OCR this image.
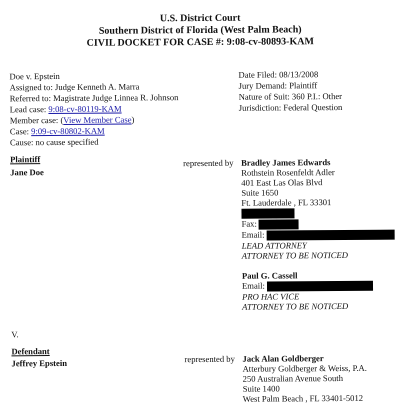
U.S. District Court
Southern District of Florida (West Palm Beach)
CIVIL DOCKET FOR CASE #: 9:08-cv-80893-KAM
Doe v. Epstein
Assigned to: Judge Kenneth A. Marra
Referred to: Magistrate Judge Linnea R. Johnson
Lead case: 9:08-cv-80119-KAM
Member case: (View Member Case)
Case: 9:09-cv-80802-KAM
Cause: no cause specified
Date Filed: 08/13/2008
Jury Demand: Plaintiff
Nature of Suit: 360 P.I.: Other
Jurisdiction: Federal Question
Plaintiff
Jane Doe
represented by Bradley James Edwards
Rothstein Rosenfeldt Adler
401 East Las Olas Blvd
Suite 1650
Ft. Lauderdale , FL 33301
Fax:
Email:
LEAD ATTORNEY
ATTORNEY TO BE NOTICED
Paul G. Cassell
Email:
PRO HAC VICE
ATTORNEY TO BE NOTICED
V.
Defendant
Jeffrey Epstein	represented by Jack Alan Goldberger
Atterbury Goldberger & Weiss, P.A.
250 Australian Avenue South
Suite 1400
West Palm Beach , FL 33401-5012
